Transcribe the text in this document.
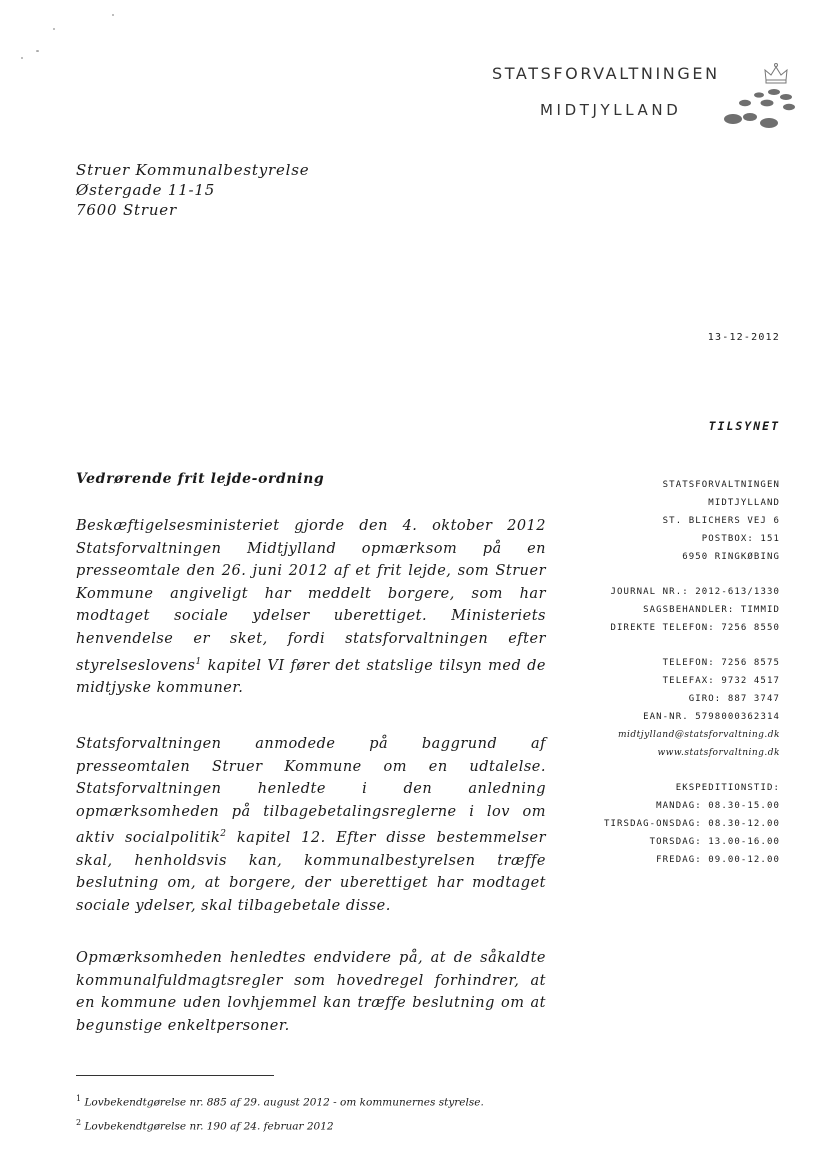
STATSFORVALTNINGEN
MIDTJYLLAND
Struer Kommunalbestyrelse
Østergade 11-15
7600 Struer
13-12-2012
TILSYNET
STATSFORVALTNINGEN
MIDTJYLLAND
ST. BLICHERS VEJ 6
POSTBOX: 151
6950 RINGKØBING
JOURNAL NR.: 2012-613/1330
SAGSBEHANDLER: TIMMID
DIREKTE TELEFON: 7256 8550
TELEFON: 7256 8575
TELEFAX: 9732 4517
GIRO: 887 3747
EAN-NR. 5798000362314
midtjylland@statsforvaltning.dk
www.statsforvaltning.dk
EKSPEDITIONSTID:
MANDAG: 08.30-15.00
TIRSDAG-ONSDAG: 08.30-12.00
TORSDAG: 13.00-16.00
FREDAG: 09.00-12.00
Vedrørende frit lejde-ordning
Beskæftigelsesministeriet gjorde den 4. oktober 2012 Statsforvaltningen Midtjylland opmærksom på en presseomtale den 26. juni 2012 af et frit lejde, som Struer Kommune angiveligt har meddelt borgere, som har modtaget sociale ydelser uberettiget. Ministeriets henvendelse er sket, fordi statsforvaltningen efter styrelseslovens$^1$ kapitel VI fører det statslige tilsyn med de midtjyske kommuner.
Statsforvaltningen anmodede på baggrund af presseomtalen Struer Kommune om en udtalelse. Statsforvaltningen henledte i den anledning opmærksomheden på tilbagebetalingsreglerne i lov om aktiv socialpolitik$^2$ kapitel 12. Efter disse bestemmelser skal, henholdsvis kan, kommunalbestyrelsen træffe beslutning om, at borgere, der uberettiget har modtaget sociale ydelser, skal tilbagebetale disse.
Opmærksomheden henledtes endvidere på, at de såkaldte kommunalfuldmagtsregler som hovedregel forhindrer, at en kommune uden lovhjemmel kan træffe beslutning om at begunstige enkeltpersoner.
$^1$ Lovbekendtgørelse nr. 885 af 29. august 2012 - om kommunernes styrelse.
$^2$ Lovbekendtgørelse nr. 190 af 24. februar 2012
